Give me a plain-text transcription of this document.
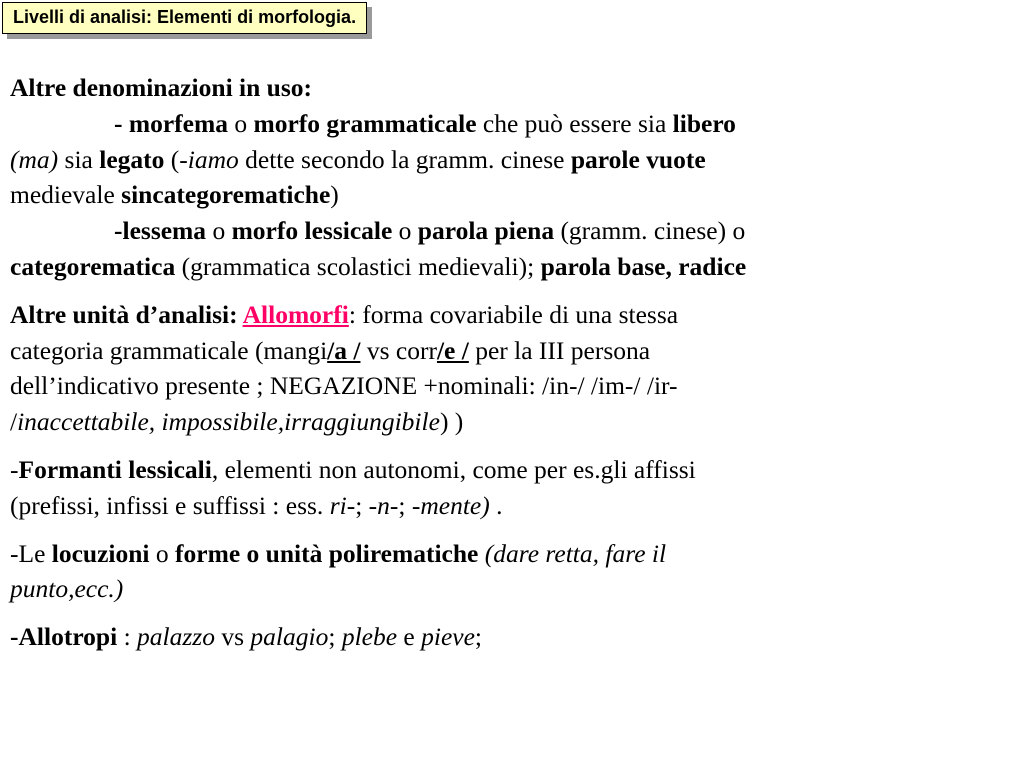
Livelli di analisi: Elementi di morfologia.

Altre denominazioni in uso:

- morfema o morfo grammaticale che può essere sia libero

(ma) sia legato (-iamo dette secondo la gramm. cinese parole vuote

medievale sincategorematiche)

-lessema o morfo lessicale o parola piena (gramm. cinese) o

categorematica (grammatica scolastici medievali); parola base, radice

Altre unità d’analisi: Allomorfi: forma covariabile di una stessa

categoria grammaticale (mangi/a / vs corr/e / per la III persona

dell’indicativo presente ; NEGAZIONE +nominali: /in-/ /im-/ /ir-

/inaccettabile, impossibile,irraggiungibile) )

-Formanti lessicali, elementi non autonomi, come per es.gli affissi

(prefissi, infissi e suffissi : ess. ri-; -n-; -mente) .

-Le locuzioni o forme o unità polirematiche (dare retta, fare il

punto,ecc.)

-Allotropi : palazzo vs palagio; plebe e pieve;
